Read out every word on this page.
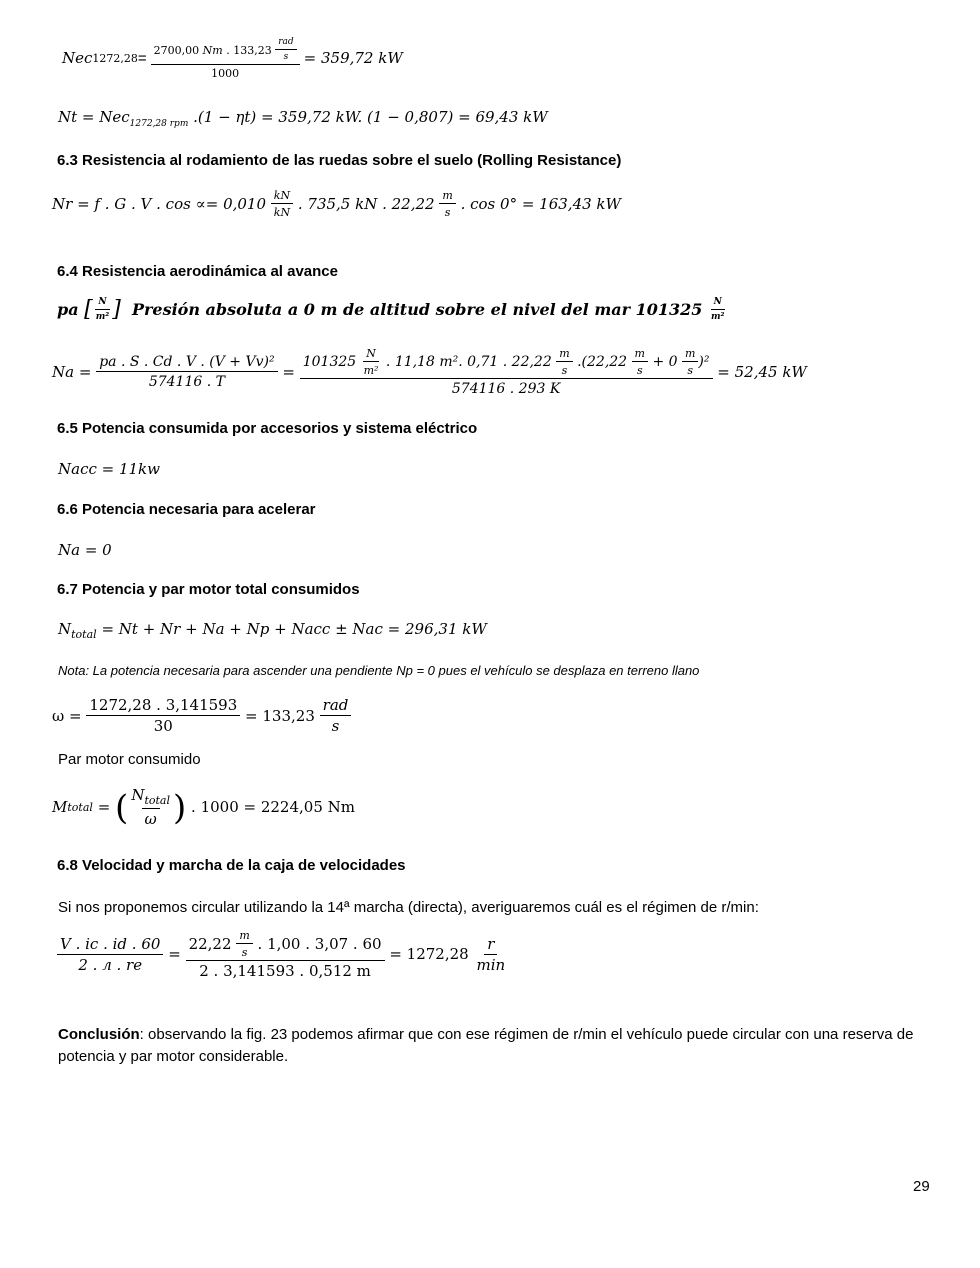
Nec 1272,28 = 2700,00
Nm
. 133,23
$\frac{\text{rad}}{s}$
1000 = 359,72 kW
Nt = Nec$_{1272,28 rpm}$ .(1 − ηt) = 359,72 kW. (1 − 0,807) = 69,43 kW
6.3 Resistencia al rodamiento de las ruedas sobre el suelo (Rolling Resistance)
Nr = f . G . V . cos ∝= 0,010
$\frac{kN}{kN}$
. 735,5 kN . 22,22
$\frac{m}{s}$
. cos 0° = 163,43 kW
6.4 Resistencia aerodinámica al avance
pa
[ $\frac{N}{\text{m²}}$ ]
Presión absoluta a 0 m de altitud sobre el nivel del mar 101325
$\frac{N}{\text{m²}}$
Na =
$\frac{\text{pa . S . Cd . V . (V + Vv)²}}{574116 . T}$
=
101325
$\frac{N}{\text{m²}}$
. 11,18 m². 0,71 . 22,22
$\frac{m}{s}$
.(22,22
$\frac{m}{s}$
+ 0
$\frac{m}{s} )^2$
574116 . 293 K
= 52,45 kW
6.5 Potencia consumida por accesorios y sistema eléctrico
Nacc = 11kw
6.6 Potencia necesaria para acelerar
Na = 0
6.7 Potencia y par motor total consumidos
$N_{total} = Nt + Nr + Na + Np$ + Nacc ± Nac = 296,31 kW
Nota: La potencia necesaria para ascender una pendiente Np = 0 pues el vehículo se desplaza en terreno llano
ω =
$\frac{1272,28 . 3,141593}{30}$
= 133,23
$\frac{\text{rad}}{s}$
Par motor consumido
M total
=
( $\frac{N_{total}}{\omega}$ )
. 1000 = 2224,05 Nm
6.8 Velocidad y marcha de la caja de velocidades
Si nos proponemos circular utilizando la 14ª marcha (directa), averiguaremos cuál es el régimen de r/min:
$\frac{V . ic . id . 60}{2 . л . re}$
=
22,22
$\frac{m}{s}$
. 1,00 . 3,07 . 60
2 . 3,141593 . 0,512 m
= 1272,28
$\frac{r}{\min}$
Conclusión: observando la fig. 23 podemos afirmar que con ese régimen de r/min el vehículo puede circular con una reserva de potencia y par motor considerable.
29
